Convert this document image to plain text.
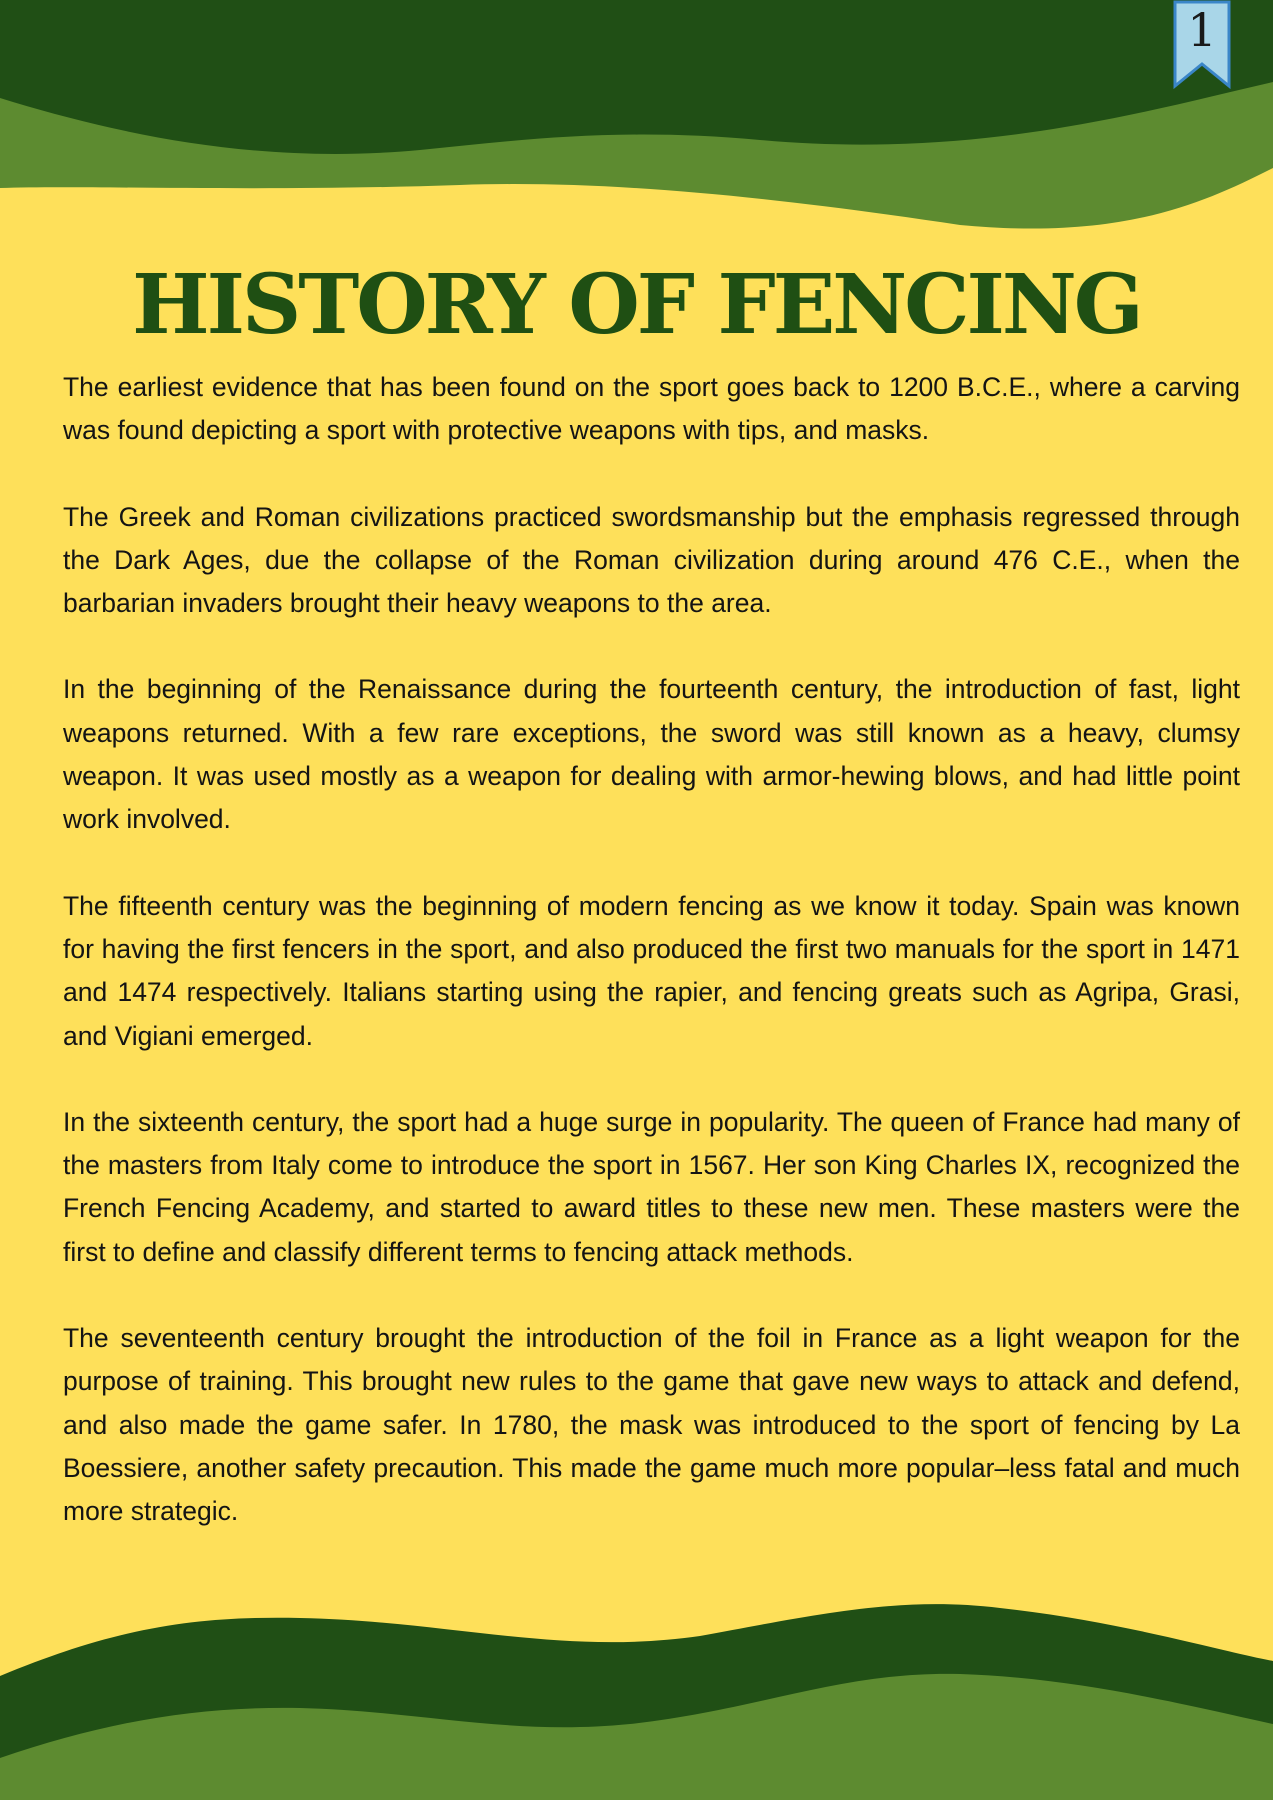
1
HISTORY OF FENCING

The earliest evidence that has been found on the sport goes back to 1200 B.C.E., where a carving was found depicting a sport with protective weapons with tips, and masks.

The Greek and Roman civilizations practiced swordsmanship but the emphasis regressed through the Dark Ages, due the collapse of the Roman civilization during around 476 C.E., when the barbarian invaders brought their heavy weapons to the area.

In the beginning of the Renaissance during the fourteenth century, the introduction of fast, light weapons returned. With a few rare exceptions, the sword was still known as a heavy, clumsy weapon. It was used mostly as a weapon for dealing with armor-hewing blows, and had little point work involved.

The fifteenth century was the beginning of modern fencing as we know it today. Spain was known for having the first fencers in the sport, and also produced the first two manuals for the sport in 1471 and 1474 respectively. Italians starting using the rapier, and fencing greats such as Agripa, Grasi, and Vigiani emerged.

In the sixteenth century, the sport had a huge surge in popularity. The queen of France had many of the masters from Italy come to introduce the sport in 1567. Her son King Charles IX, recognized the French Fencing Academy, and started to award titles to these new men. These masters were the first to define and classify different terms to fencing attack methods.

The seventeenth century brought the introduction of the foil in France as a light weapon for the purpose of training. This brought new rules to the game that gave new ways to attack and defend, and also made the game safer. In 1780, the mask was introduced to the sport of fencing by La Boessiere, another safety precaution. This made the game much more popular–less fatal and much more strategic.
